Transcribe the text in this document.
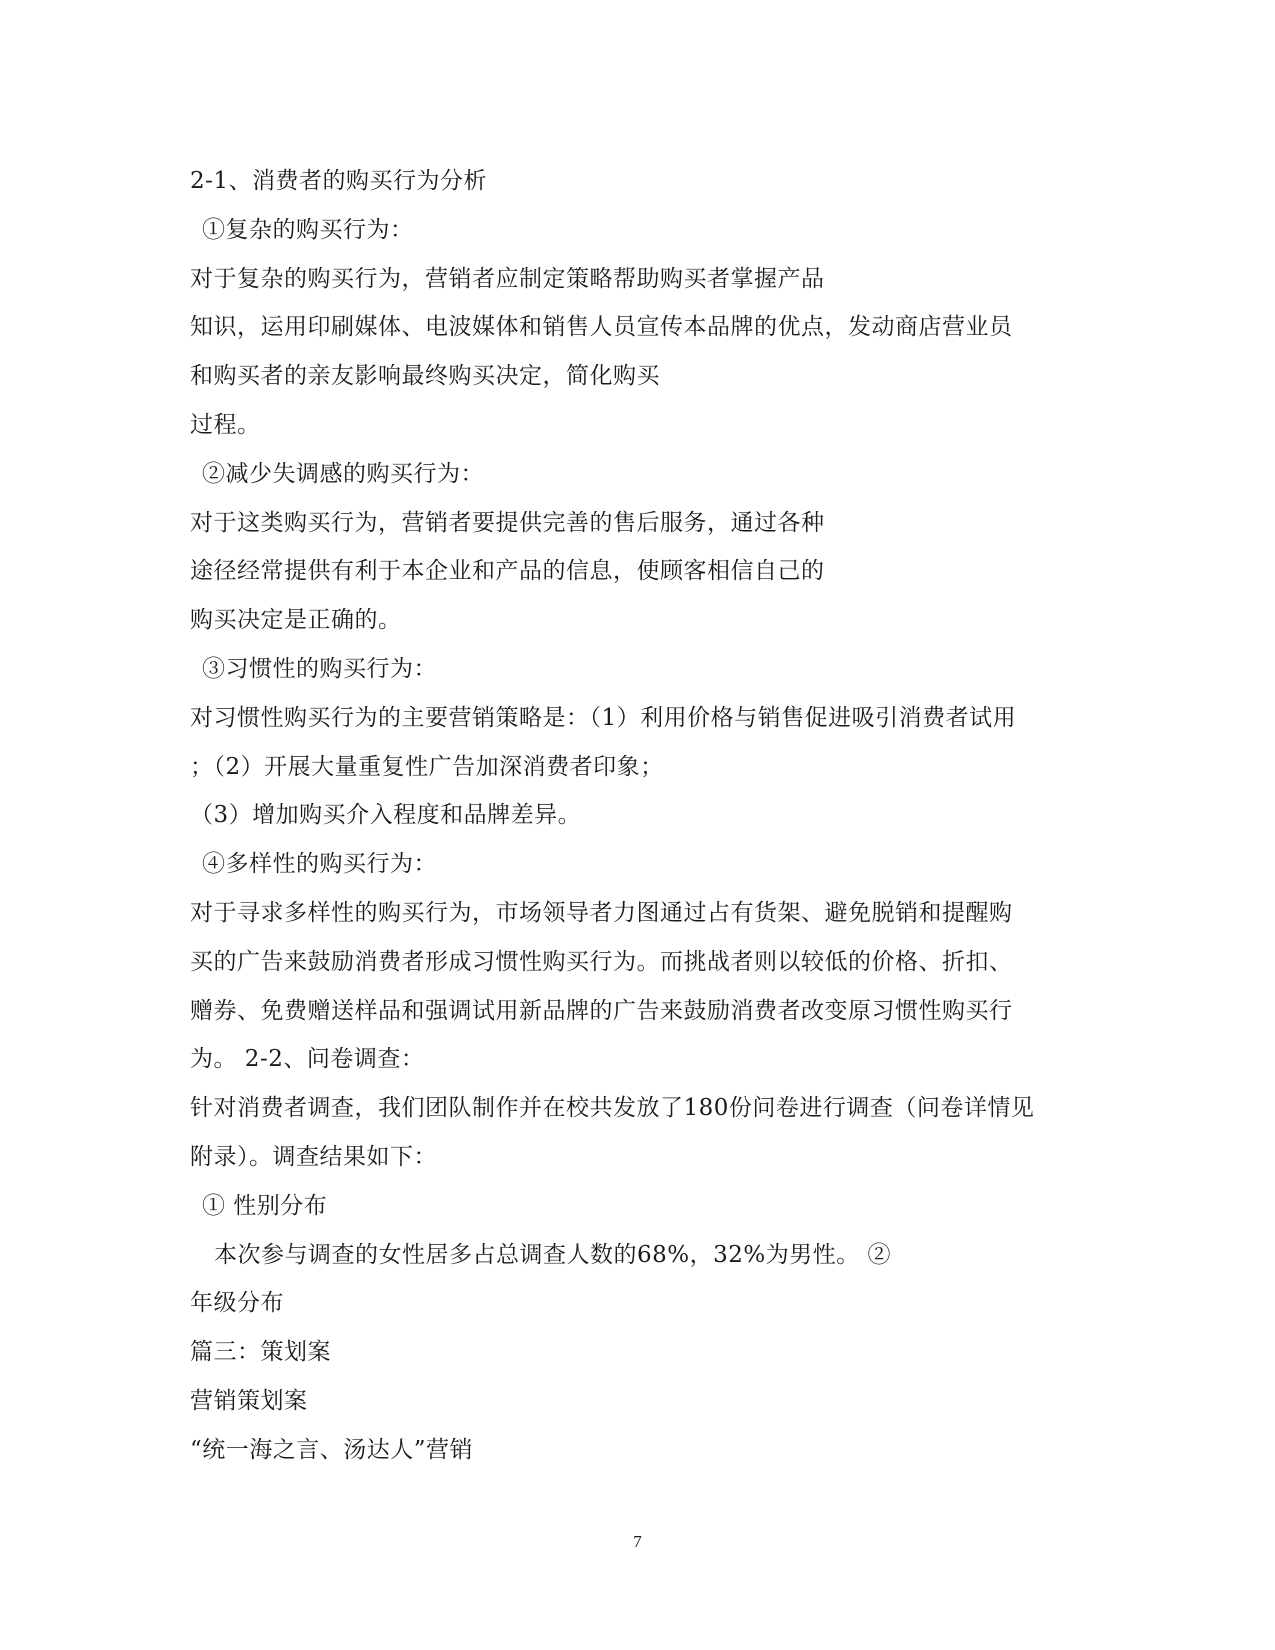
2-1、消费者的购买行为分析
①复杂的购买行为：
对于复杂的购买行为，营销者应制定策略帮助购买者掌握产品
知识，运用印刷媒体、电波媒体和销售人员宣传本品牌的优点，发动商店营业员
和购买者的亲友影响最终购买决定，简化购买
过程。
②减少失调感的购买行为：
对于这类购买行为，营销者要提供完善的售后服务，通过各种
途径经常提供有利于本企业和产品的信息，使顾客相信自己的
购买决定是正确的。
③习惯性的购买行为：
对习惯性购买行为的主要营销策略是：（1）利用价格与销售促进吸引消费者试用
；（2）开展大量重复性广告加深消费者印象；
（3）增加购买介入程度和品牌差异。
④多样性的购买行为：
对于寻求多样性的购买行为，市场领导者力图通过占有货架、避免脱销和提醒购
买的广告来鼓励消费者形成习惯性购买行为。而挑战者则以较低的价格、折扣、
赠券、免费赠送样品和强调试用新品牌的广告来鼓励消费者改变原习惯性购买行
为。 2-2、问卷调查：
针对消费者调查，我们团队制作并在校共发放了180份问卷进行调查（问卷详情见
附录）。调查结果如下：
① 性别分布
本次参与调查的女性居多占总调查人数的68%，32%为男性。 ②
年级分布
篇三：策划案
营销策划案
“统一海之言、汤达人”营销
7
